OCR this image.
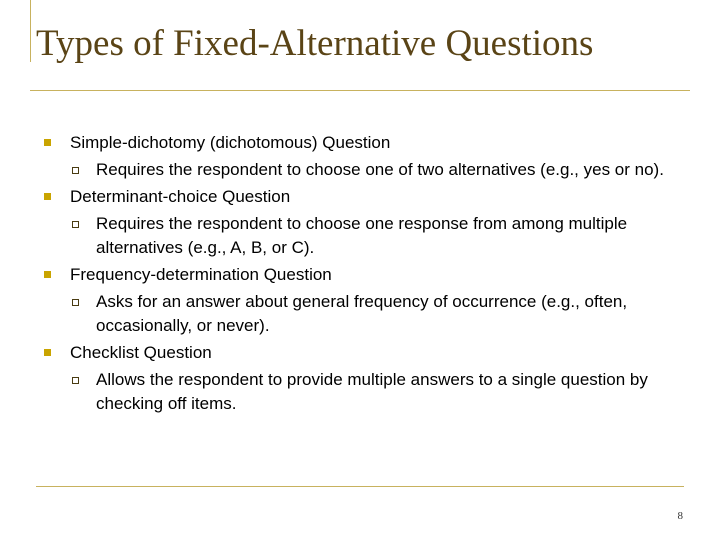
Types of Fixed-Alternative Questions
Simple-dichotomy (dichotomous) Question
Requires the respondent to choose one of two alternatives (e.g., yes or no).
Determinant-choice Question
Requires the respondent to choose one response from among multiple alternatives (e.g., A, B, or C).
Frequency-determination Question
Asks for an answer about general frequency of occurrence (e.g., often, occasionally, or never).
Checklist Question
Allows the respondent to provide multiple answers to a single question by checking off items.
8
